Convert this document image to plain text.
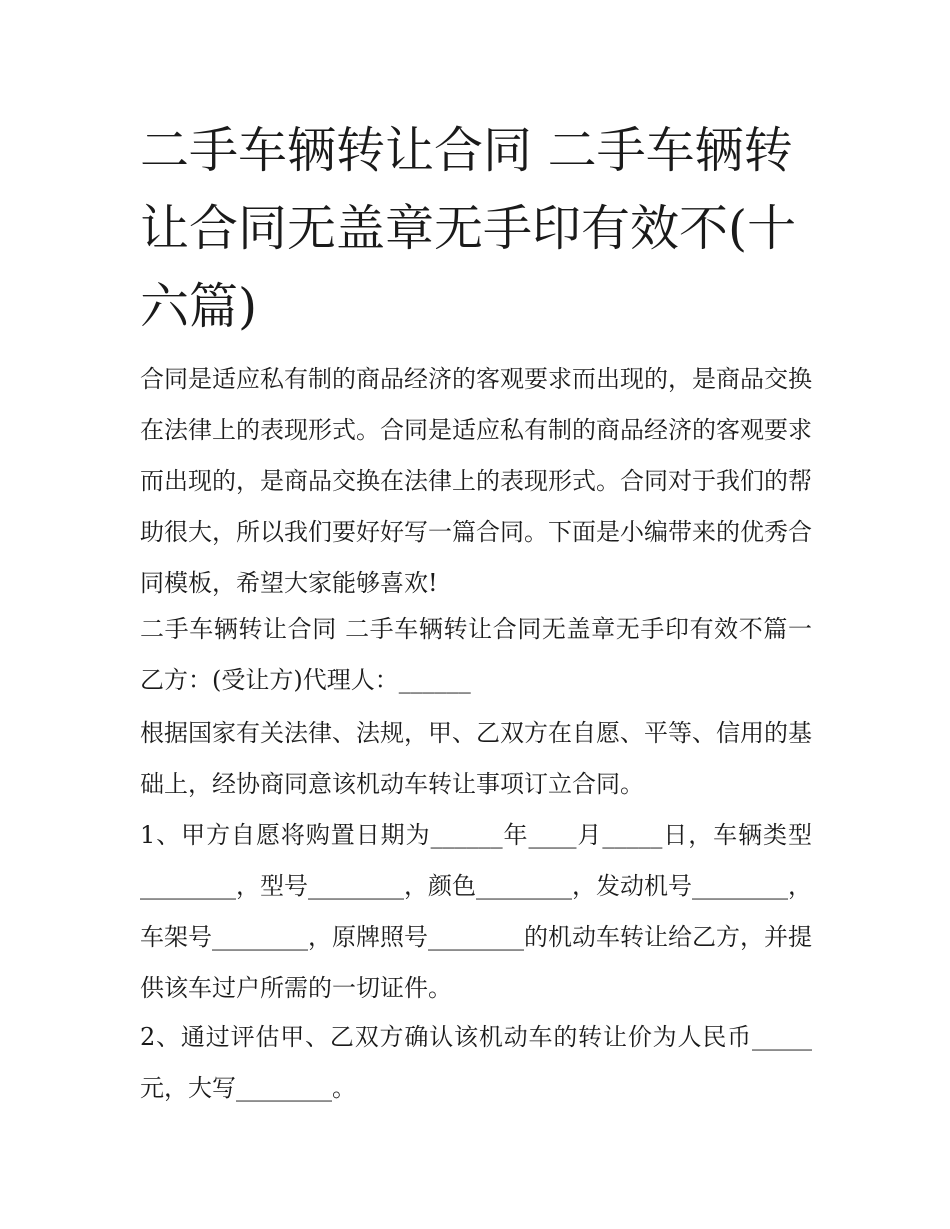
二手车辆转让合同 二手车辆转让合同无盖章无手印有效不(十六篇)

合同是适应私有制的商品经济的客观要求而出现的，是商品交换在法律上的表现形式。合同是适应私有制的商品经济的客观要求而出现的，是商品交换在法律上的表现形式。合同对于我们的帮助很大，所以我们要好好写一篇合同。下面是小编带来的优秀合同模板，希望大家能够喜欢!

二手车辆转让合同 二手车辆转让合同无盖章无手印有效不篇一 乙方：(受让方)代理人：______

根据国家有关法律、法规，甲、乙双方在自愿、平等、信用的基础上，经协商同意该机动车转让事项订立合同。

1、甲方自愿将购置日期为______年____月_____日，车辆类型________，型号________，颜色________，发动机号________，车架号________，原牌照号________的机动车转让给乙方，并提供该车过户所需的一切证件。

2、通过评估甲、乙双方确认该机动车的转让价为人民币_____元，大写________。
